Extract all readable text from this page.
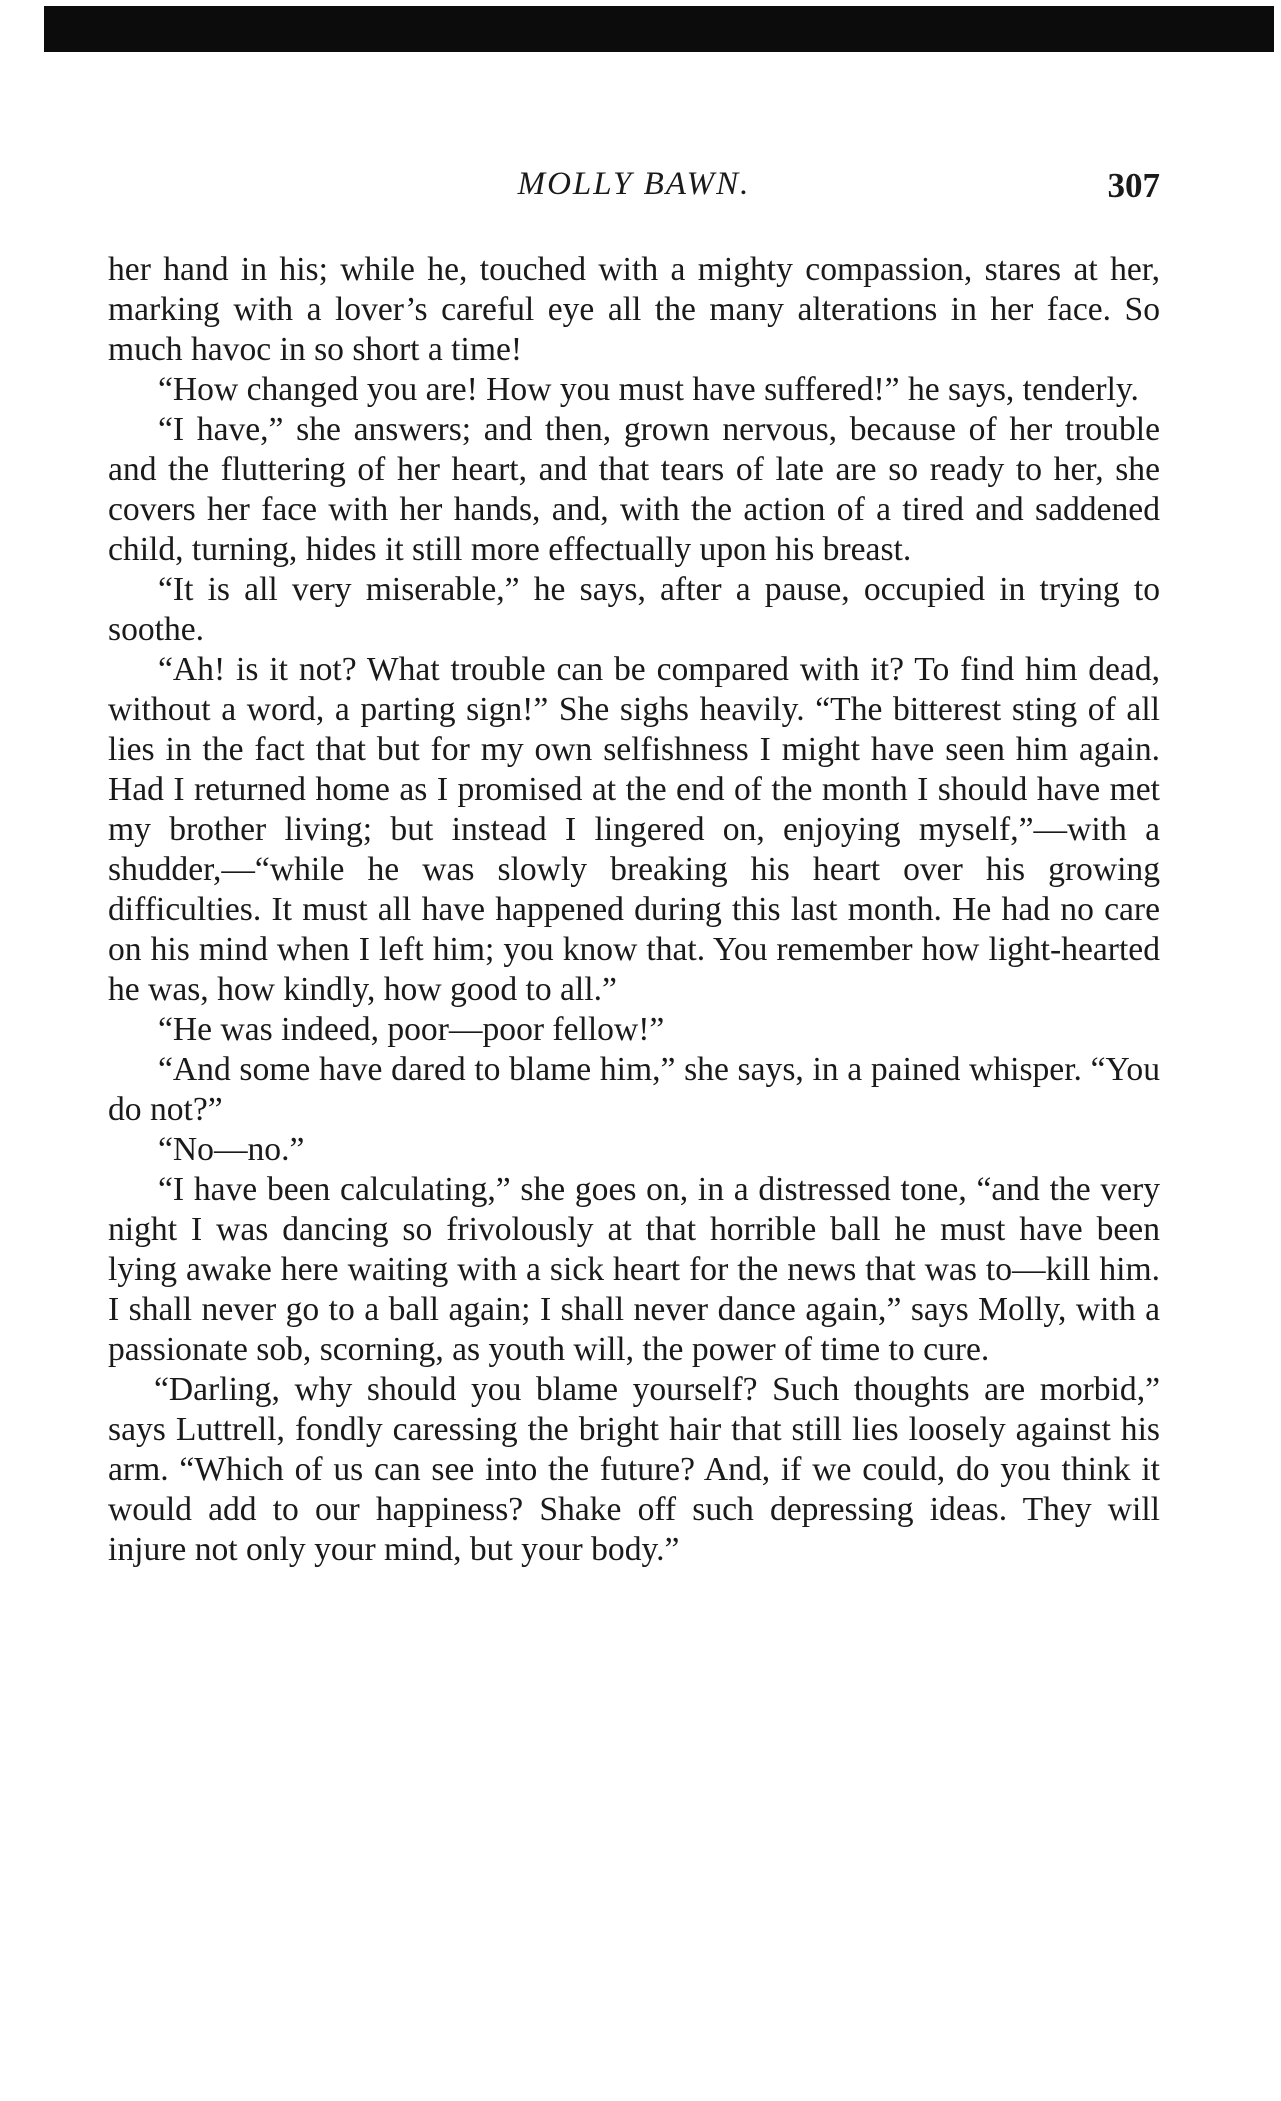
MOLLY BAWN.	307

her hand in his; while he, touched with a mighty compassion, stares at her, marking with a lover’s careful eye all the many alterations in her face. So much havoc in so short a time!

“How changed you are! How you must have suffered!” he says, tenderly.

“I have,” she answers; and then, grown nervous, because of her trouble and the fluttering of her heart, and that tears of late are so ready to her, she covers her face with her hands, and, with the action of a tired and saddened child, turning, hides it still more effectually upon his breast.

“It is all very miserable,” he says, after a pause, occupied in trying to soothe.

“Ah! is it not? What trouble can be compared with it? To find him dead, without a word, a parting sign!” She sighs heavily. “The bitterest sting of all lies in the fact that but for my own selfishness I might have seen him again. Had I returned home as I promised at the end of the month I should have met my brother living; but instead I lingered on, enjoying myself,”—with a shudder,—“while he was slowly breaking his heart over his growing difficulties. It must all have happened during this last month. He had no care on his mind when I left him; you know that. You remember how light-hearted he was, how kindly, how good to all.”

“He was indeed, poor—poor fellow!”

“And some have dared to blame him,” she says, in a pained whisper. “You do not?”

“No—no.”

“I have been calculating,” she goes on, in a distressed tone, “and the very night I was dancing so frivolously at that horrible ball he must have been lying awake here waiting with a sick heart for the news that was to—kill him. I shall never go to a ball again; I shall never dance again,” says Molly, with a passionate sob, scorning, as youth will, the power of time to cure.

“Darling, why should you blame yourself? Such thoughts are morbid,” says Luttrell, fondly caressing the bright hair that still lies loosely against his arm. “Which of us can see into the future? And, if we could, do you think it would add to our happiness? Shake off such depressing ideas. They will injure not only your mind, but your body.”
